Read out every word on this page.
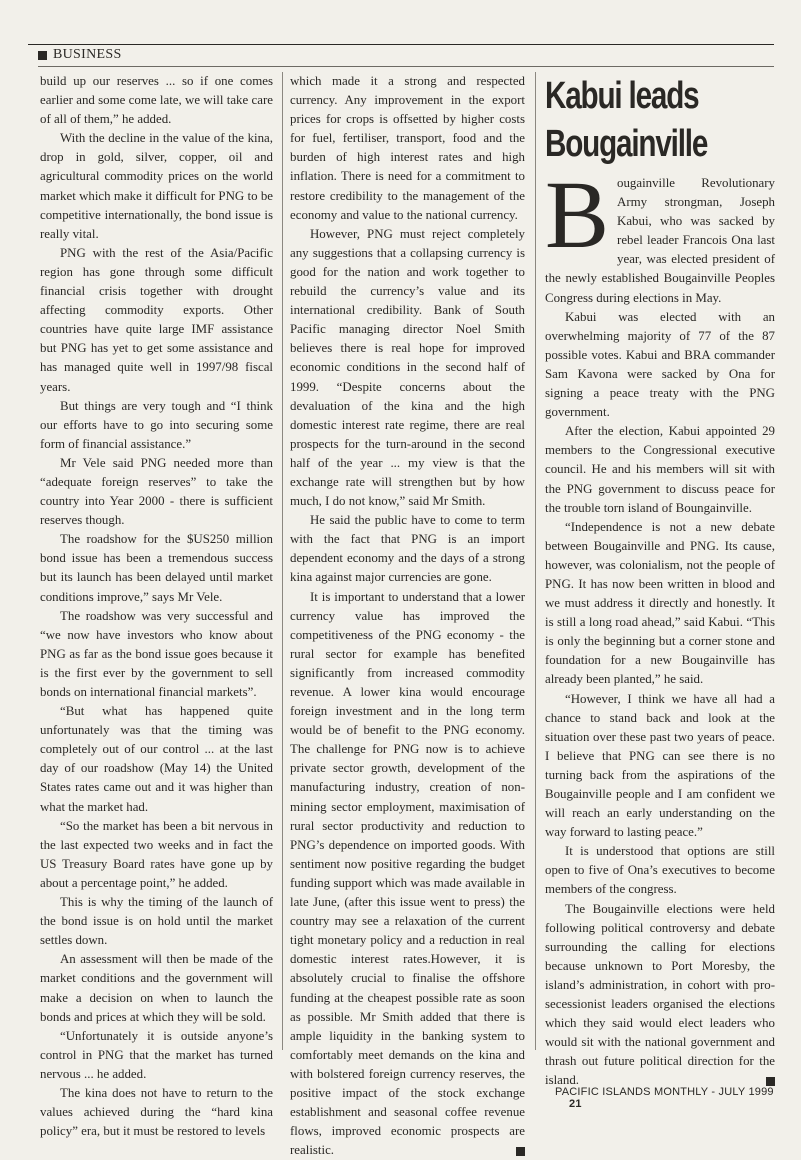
BUSINESS

build up our reserves ... so if one comes earlier and some come late, we will take care of all of them,” he added.

With the decline in the value of the kina, drop in gold, silver, copper, oil and agricultural commodity prices on the world market which make it difficult for PNG to be competitive internationally, the bond issue is really vital.

PNG with the rest of the Asia/Pacific region has gone through some difficult financial crisis together with drought affecting commodity exports. Other countries have quite large IMF assistance but PNG has yet to get some assistance and has managed quite well in 1997/98 fiscal years.

But things are very tough and “I think our efforts have to go into securing some form of financial assistance.”

Mr Vele said PNG needed more than “adequate foreign reserves” to take the country into Year 2000 - there is sufficient reserves though.

The roadshow for the $US250 million bond issue has been a tremendous success but its launch has been delayed until market conditions improve,” says Mr Vele.

The roadshow was very successful and “we now have investors who know about PNG as far as the bond issue goes because it is the first ever by the government to sell bonds on international financial markets”.

“But what has happened quite unfortunately was that the timing was completely out of our control ... at the last day of our roadshow (May 14) the United States rates came out and it was higher than what the market had.

“So the market has been a bit nervous in the last expected two weeks and in fact the US Treasury Board rates have gone up by about a percentage point,” he added.

This is why the timing of the launch of the bond issue is on hold until the market settles down.

An assessment will then be made of the market conditions and the government will make a decision on when to launch the bonds and prices at which they will be sold.

“Unfortunately it is outside anyone’s control in PNG that the market has turned nervous ... he added.

The kina does not have to return to the values achieved during the “hard kina policy” era, but it must be restored to levels

which made it a strong and respected currency. Any improvement in the export prices for crops is offsetted by higher costs for fuel, fertiliser, transport, food and the burden of high interest rates and high inflation. There is need for a commitment to restore credibility to the management of the economy and value to the national currency.

However, PNG must reject completely any suggestions that a collapsing currency is good for the nation and work together to rebuild the currency’s value and its international credibility. Bank of South Pacific managing director Noel Smith believes there is real hope for improved economic conditions in the second half of 1999. “Despite concerns about the devaluation of the kina and the high domestic interest rate regime, there are real prospects for the turn-around in the second half of the year ... my view is that the exchange rate will strengthen but by how much, I do not know,” said Mr Smith.

He said the public have to come to term with the fact that PNG is an import dependent economy and the days of a strong kina against major currencies are gone.

It is important to understand that a lower currency value has improved the competitiveness of the PNG economy - the rural sector for example has benefited significantly from increased commodity revenue. A lower kina would encourage foreign investment and in the long term would be of benefit to the PNG economy. The challenge for PNG now is to achieve private sector growth, development of the manufacturing industry, creation of non-mining sector employment, maximisation of rural sector productivity and reduction to PNG’s dependence on imported goods. With sentiment now positive regarding the budget funding support which was made available in late June, (after this issue went to press) the country may see a relaxation of the current tight monetary policy and a reduction in real domestic interest rates.However, it is absolutely crucial to finalise the offshore funding at the cheapest possible rate as soon as possible. Mr Smith added that there is ample liquidity in the banking system to comfortably meet demands on the kina and with bolstered foreign currency reserves, the positive impact of the stock exchange establishment and seasonal coffee revenue flows, improved economic prospects are realistic.

Kabui leads
Bougainville

Bougainville Revolutionary Army strongman, Joseph Kabui, who was sacked by rebel leader Francois Ona last year, was elected president of the newly established Bougainville Peoples Congress during elections in May.

Kabui was elected with an overwhelming majority of 77 of the 87 possible votes. Kabui and BRA commander Sam Kavona were sacked by Ona for signing a peace treaty with the PNG government.

After the election, Kabui appointed 29 members to the Congressional executive council. He and his members will sit with the PNG government to discuss peace for the trouble torn island of Boungainville.

“Independence is not a new debate between Bougainville and PNG. Its cause, however, was colonialism, not the people of PNG. It has now been written in blood and we must address it directly and honestly. It is still a long road ahead,” said Kabui. “This is only the beginning but a corner stone and foundation for a new Bougainville has already been planted,” he said.

“However, I think we have all had a chance to stand back and look at the situation over these past two years of peace. I believe that PNG can see there is no turning back from the aspirations of the Bougainville people and I am confident we will reach an early understanding on the way forward to lasting peace.”

It is understood that options are still open to five of Ona’s executives to become members of the congress.

The Bougainville elections were held following political controversy and debate surrounding the calling for elections because unknown to Port Moresby, the island’s administration, in cohort with pro-secessionist leaders organised the elections which they said would elect leaders who would sit with the national government and thrash out future political direction for the island.

PACIFIC ISLANDS MONTHLY - JULY 1999 21
